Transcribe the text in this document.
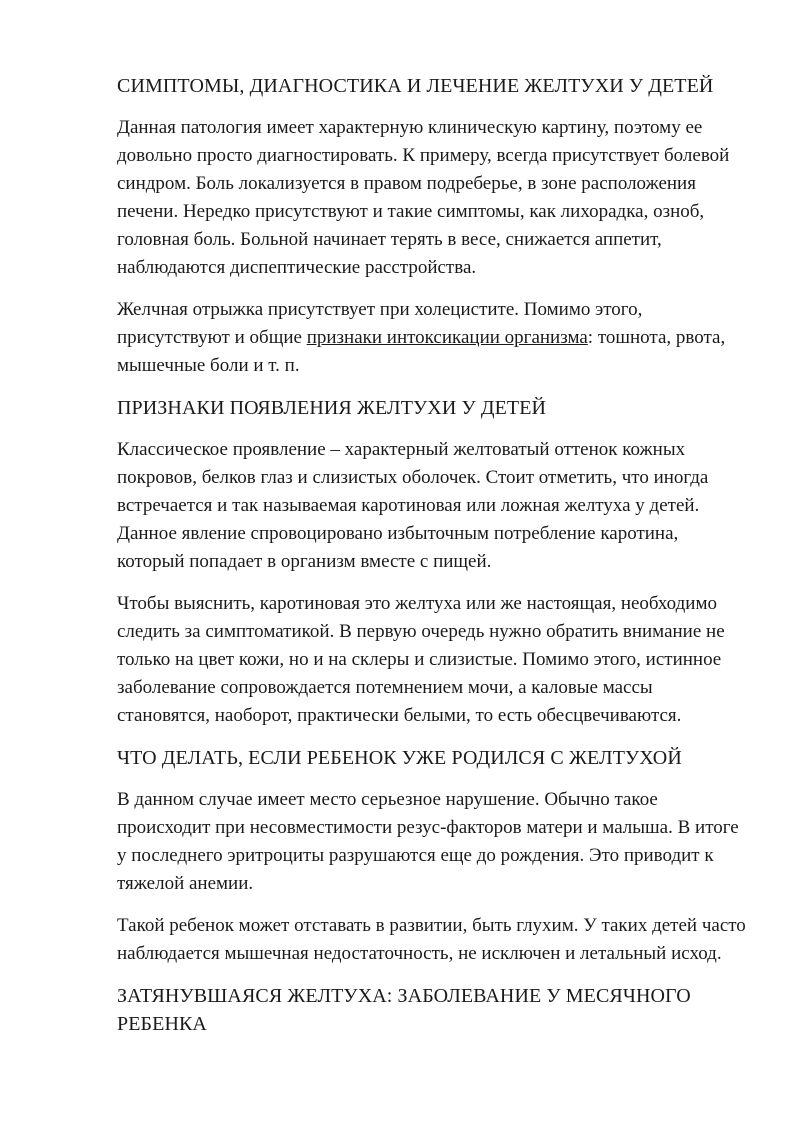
СИМПТОМЫ, ДИАГНОСТИКА И ЛЕЧЕНИЕ ЖЕЛТУХИ У ДЕТЕЙ
Данная патология имеет характерную клиническую картину, поэтому ее довольно просто диагностировать. К примеру, всегда присутствует болевой синдром. Боль локализуется в правом подреберье, в зоне расположения печени. Нередко присутствуют и такие симптомы, как лихорадка, озноб, головная боль. Больной начинает терять в весе, снижается аппетит, наблюдаются диспептические расстройства.
Желчная отрыжка присутствует при холецистите. Помимо этого, присутствуют и общие признаки интоксикации организма: тошнота, рвота, мышечные боли и т. п.
ПРИЗНАКИ ПОЯВЛЕНИЯ ЖЕЛТУХИ У ДЕТЕЙ
Классическое проявление – характерный желтоватый оттенок кожных покровов, белков глаз и слизистых оболочек. Стоит отметить, что иногда встречается и так называемая каротиновая или ложная желтуха у детей. Данное явление спровоцировано избыточным потребление каротина, который попадает в организм вместе с пищей.
Чтобы выяснить, каротиновая это желтуха или же настоящая, необходимо следить за симптоматикой. В первую очередь нужно обратить внимание не только на цвет кожи, но и на склеры и слизистые. Помимо этого, истинное заболевание сопровождается потемнением мочи, а каловые массы становятся, наоборот, практически белыми, то есть обесцвечиваются.
ЧТО ДЕЛАТЬ, ЕСЛИ РЕБЕНОК УЖЕ РОДИЛСЯ С ЖЕЛТУХОЙ
В данном случае имеет место серьезное нарушение. Обычно такое происходит при несовместимости резус-факторов матери и малыша. В итоге у последнего эритроциты разрушаются еще до рождения. Это приводит к тяжелой анемии.
Такой ребенок может отставать в развитии, быть глухим. У таких детей часто наблюдается мышечная недостаточность, не исключен и летальный исход.
ЗАТЯНУВШАЯСЯ ЖЕЛТУХА: ЗАБОЛЕВАНИЕ У МЕСЯЧНОГО РЕБЕНКА
